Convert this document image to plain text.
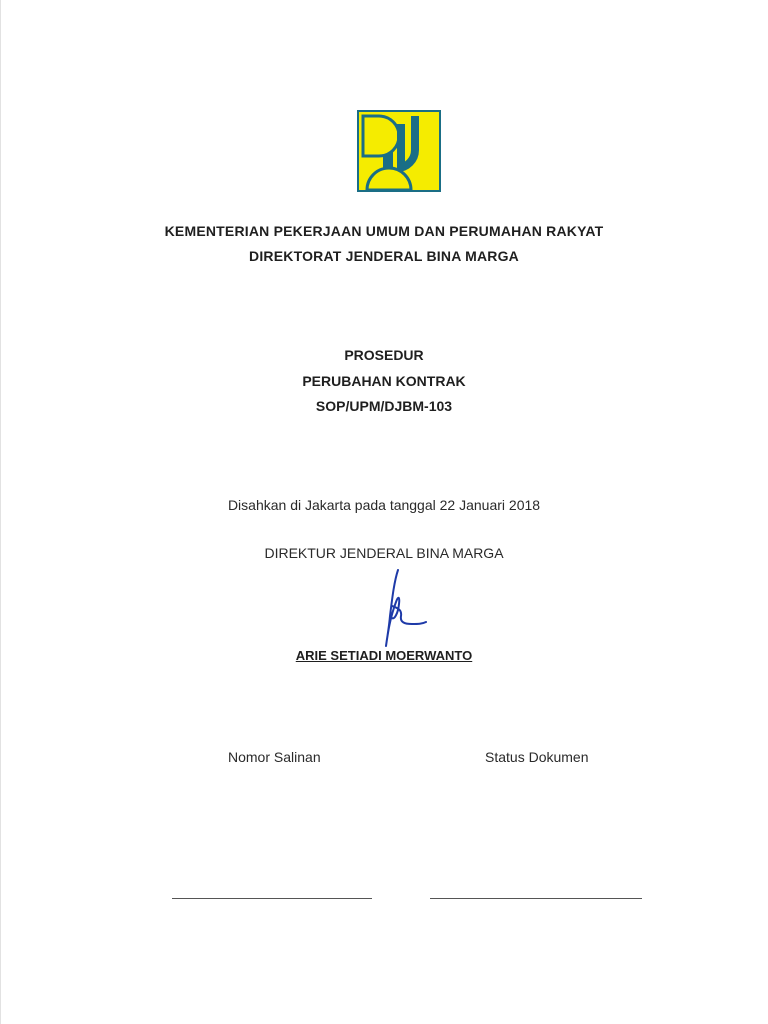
KEMENTERIAN PEKERJAAN UMUM DAN PERUMAHAN RAKYAT
DIREKTORAT JENDERAL BINA MARGA
PROSEDUR
PERUBAHAN KONTRAK
SOP/UPM/DJBM-103
Disahkan di Jakarta pada tanggal 22 Januari 2018
DIREKTUR JENDERAL BINA MARGA
ARIE SETIADI MOERWANTO
Nomor Salinan	Status Dokumen
